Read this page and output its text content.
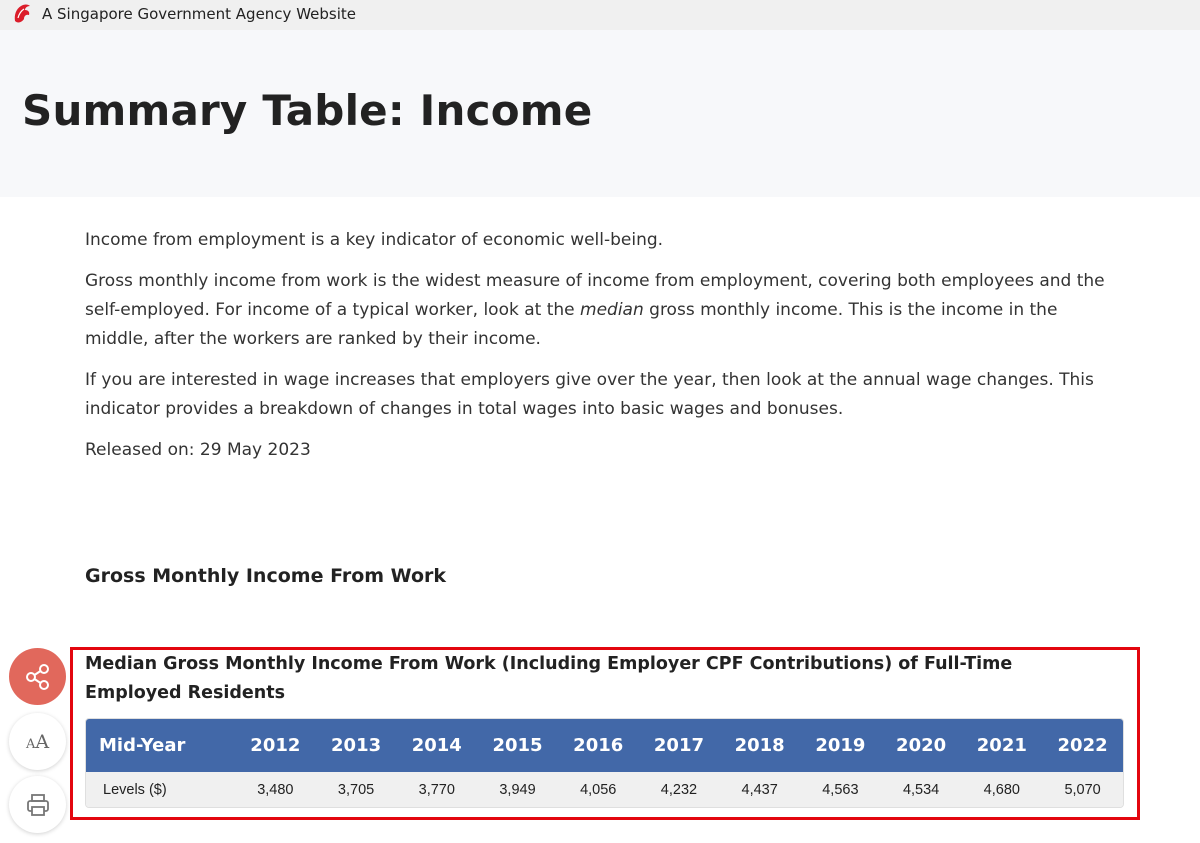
A Singapore Government Agency Website
Summary Table: Income

Income from employment is a key indicator of economic well-being.

Gross monthly income from work is the widest measure of income from employment, covering both employees and the self-employed. For income of a typical worker, look at the median gross monthly income. This is the income in the middle, after the workers are ranked by their income.

If you are interested in wage increases that employers give over the year, then look at the annual wage changes. This indicator provides a breakdown of changes in total wages into basic wages and bonuses.

Released on: 29 May 2023

Gross Monthly Income From Work
Median Gross Monthly Income From Work (Including Employer CPF Contributions) of Full-Time Employed Residents
Mid-Year	2012	2013	2014	2015	2016	2017	2018	2019	2020	2021	2022
Levels ($)	3,480	3,705	3,770	3,949	4,056	4,232	4,437	4,563	4,534	4,680	5,070
AA
